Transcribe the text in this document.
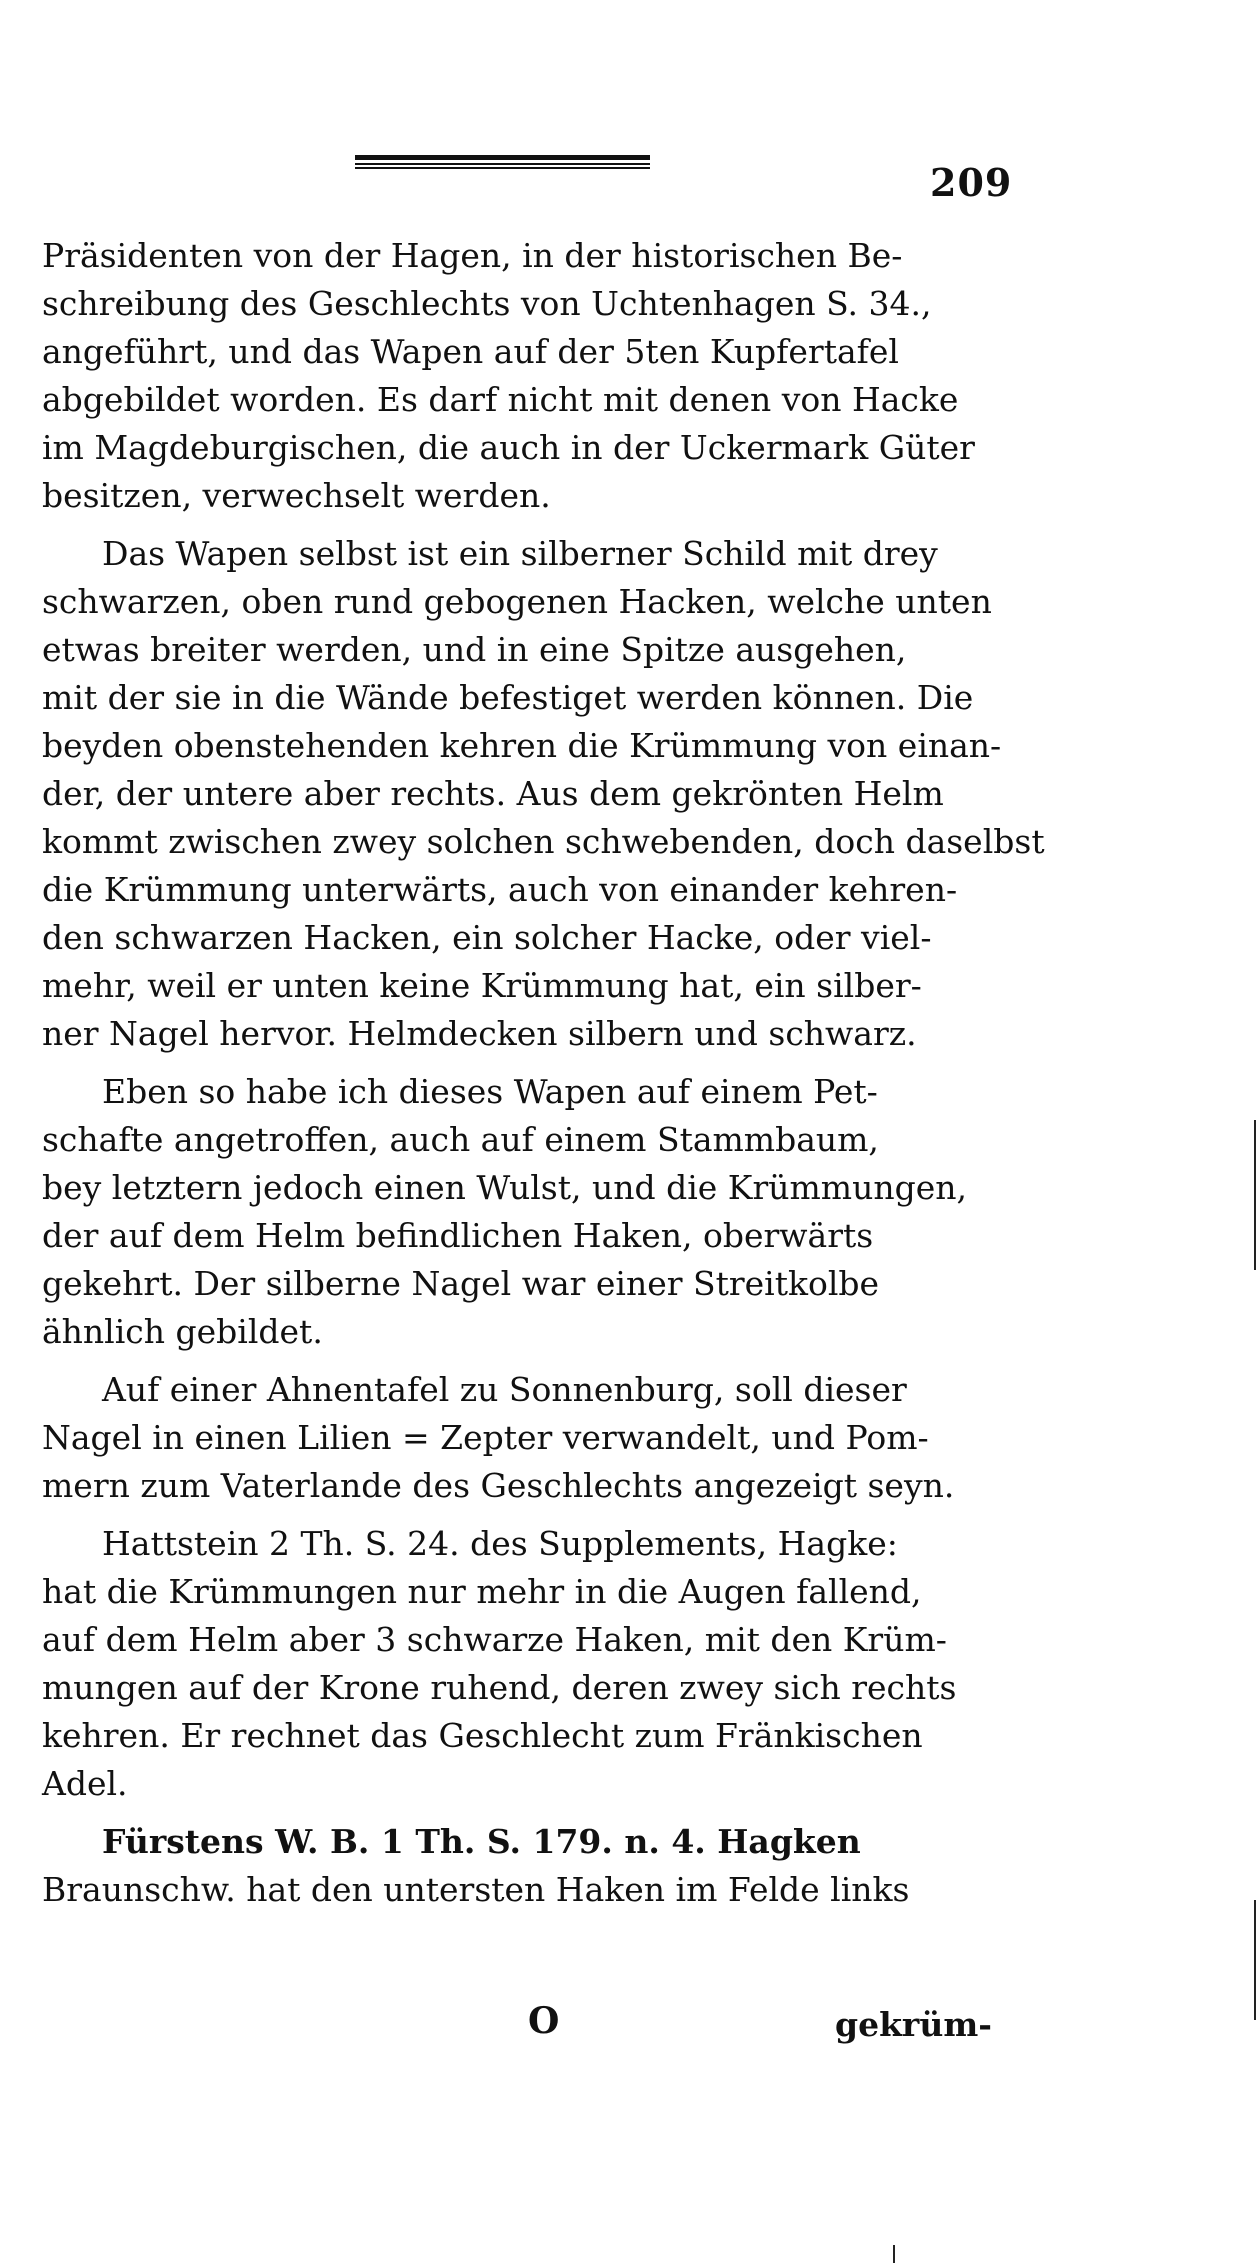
209

Präsidenten von der Hagen, in der historischen Be-
schreibung des Geschlechts von Uchtenhagen S. 34.,
angeführt, und das Wapen auf der 5ten Kupfertafel
abgebildet worden. Es darf nicht mit denen von Hacke
im Magdeburgischen, die auch in der Uckermark Güter
besitzen, verwechselt werden.

Das Wapen selbst ist ein silberner Schild mit drey
schwarzen, oben rund gebogenen Hacken, welche unten
etwas breiter werden, und in eine Spitze ausgehen,
mit der sie in die Wände befestiget werden können. Die
beyden obenstehenden kehren die Krümmung von einan-
der, der untere aber rechts. Aus dem gekrönten Helm
kommt zwischen zwey solchen schwebenden, doch daselbst
die Krümmung unterwärts, auch von einander kehren-
den schwarzen Hacken, ein solcher Hacke, oder viel-
mehr, weil er unten keine Krümmung hat, ein silber-
ner Nagel hervor. Helmdecken silbern und schwarz.

Eben so habe ich dieses Wapen auf einem Pet-
schafte angetroffen, auch auf einem Stammbaum,
bey letztern jedoch einen Wulst, und die Krümmungen,
der auf dem Helm befindlichen Haken, oberwärts
gekehrt. Der silberne Nagel war einer Streitkolbe
ähnlich gebildet.

Auf einer Ahnentafel zu Sonnenburg, soll dieser
Nagel in einen Lilien = Zepter verwandelt, und Pom-
mern zum Vaterlande des Geschlechts angezeigt seyn.

Hattstein 2 Th. S. 24. des Supplements, Hagke:
hat die Krümmungen nur mehr in die Augen fallend,
auf dem Helm aber 3 schwarze Haken, mit den Krüm-
mungen auf der Krone ruhend, deren zwey sich rechts
kehren. Er rechnet das Geschlecht zum Fränkischen
Adel.

Fürstens W. B. 1 Th. S. 179. n. 4. Hagken
Braunschw. hat den untersten Haken im Felde links

O	gekrüm-
